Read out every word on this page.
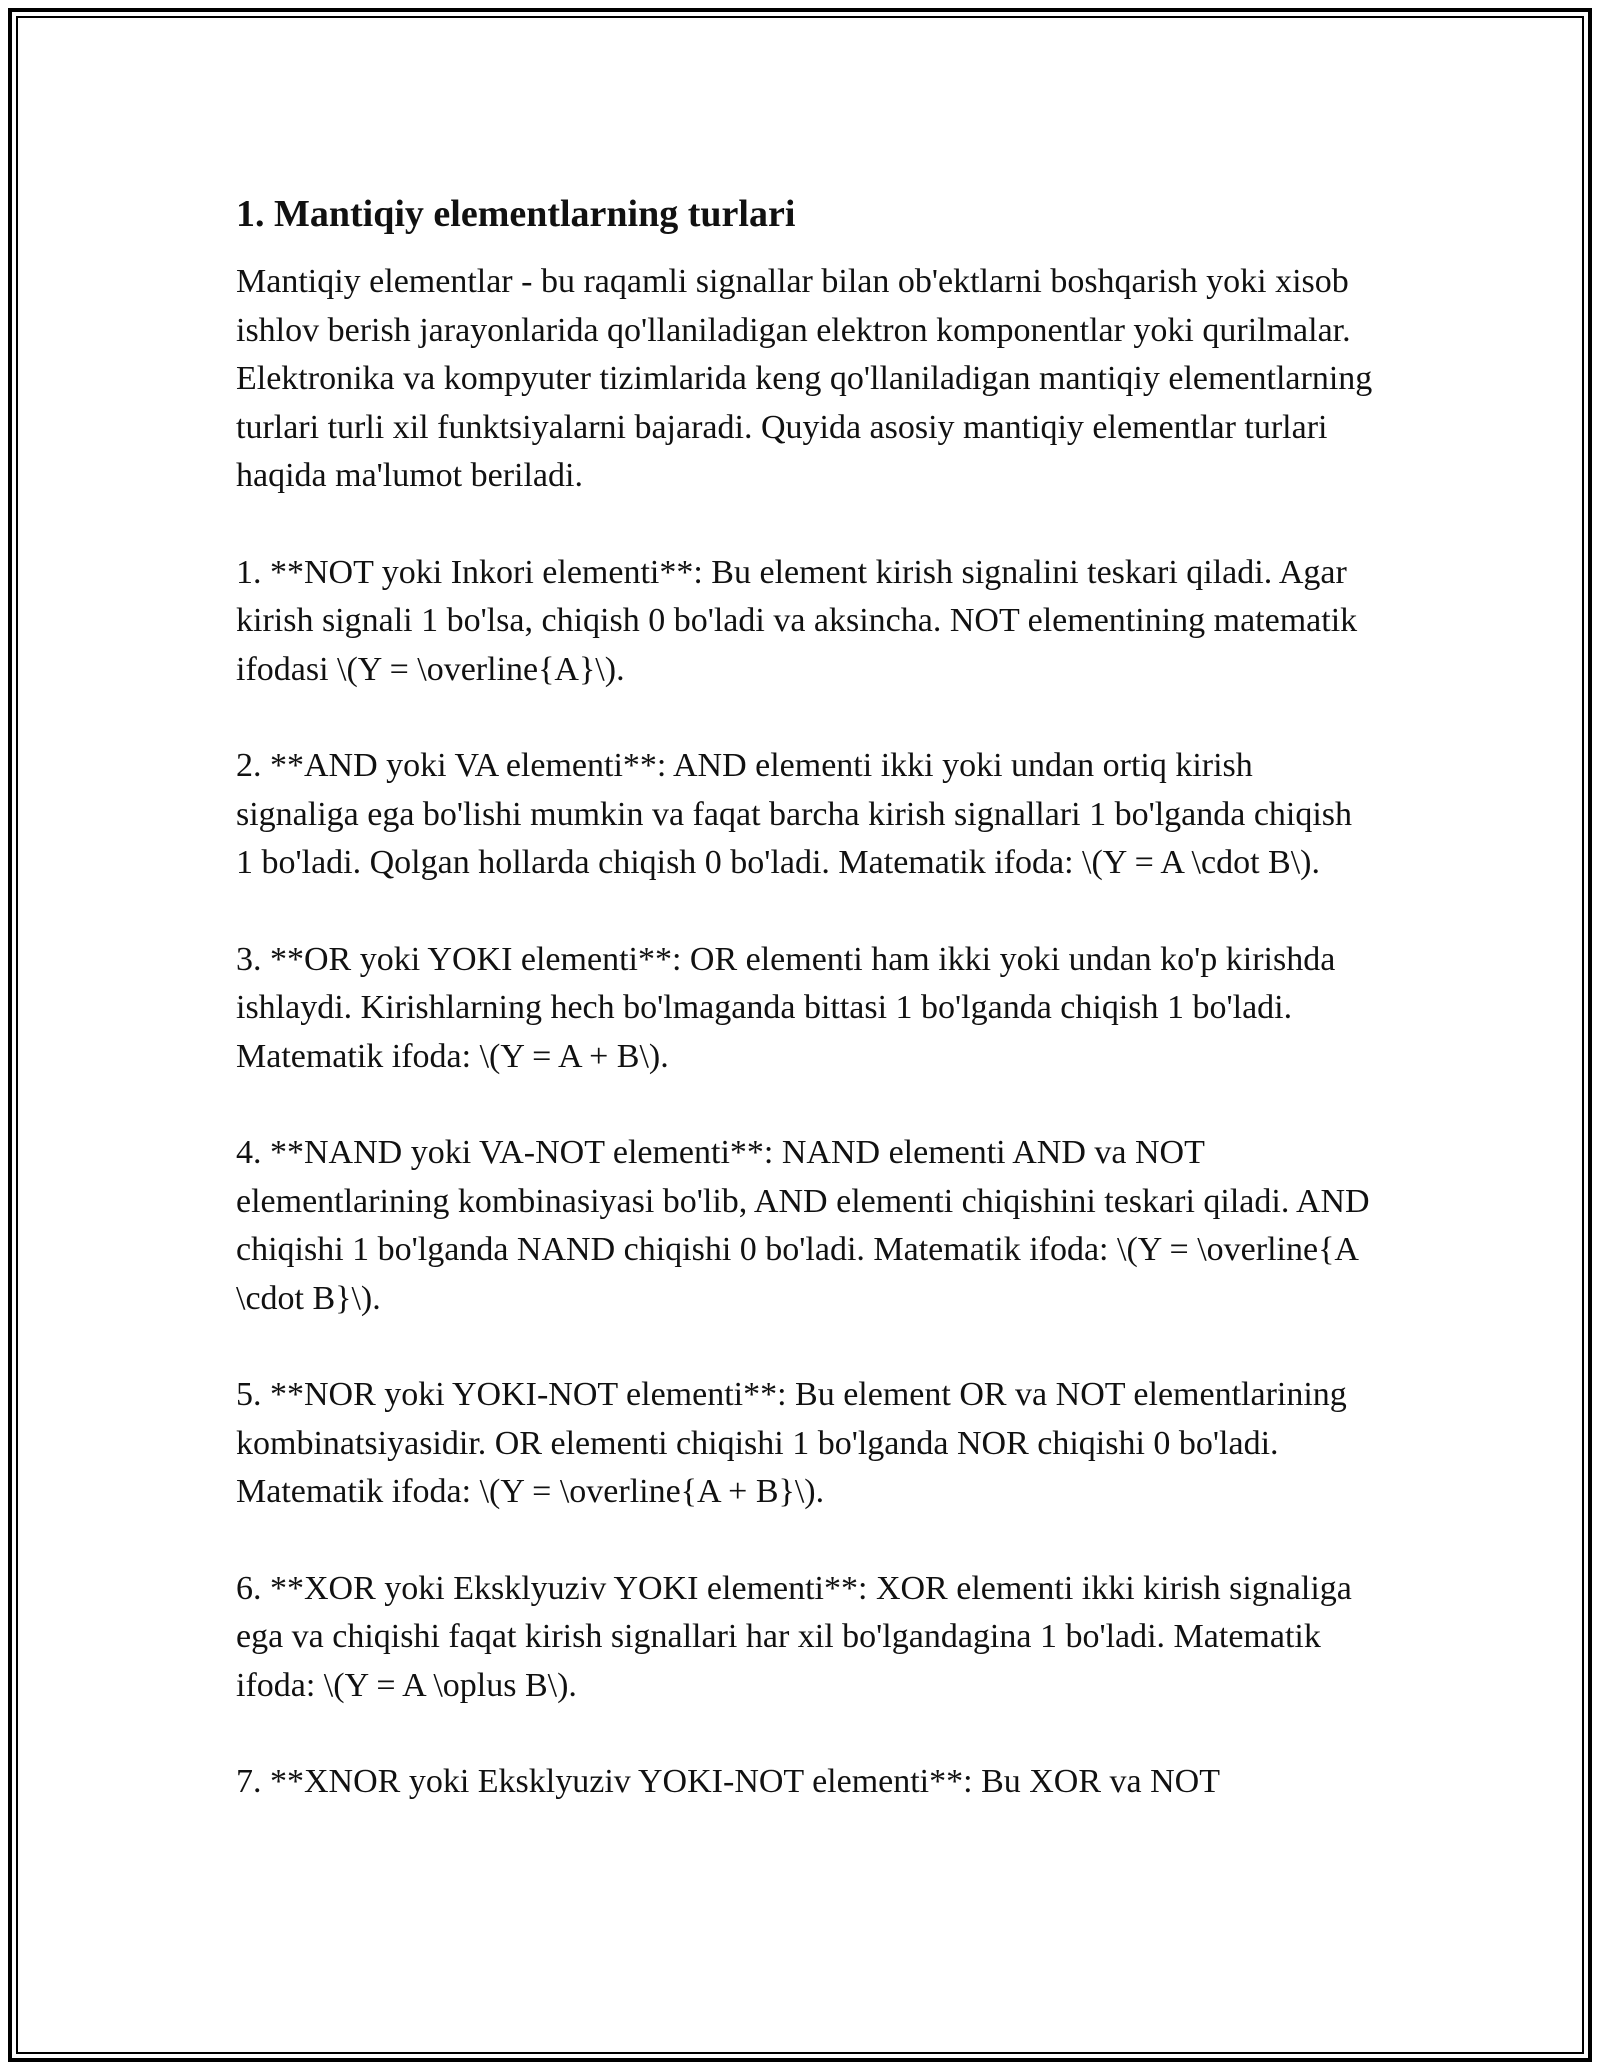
1. Mantiqiy elementlarning turlari

Mantiqiy elementlar - bu raqamli signallar bilan ob'ektlarni boshqarish yoki xisob ishlov berish jarayonlarida qo'llaniladigan elektron komponentlar yoki qurilmalar. Elektronika va kompyuter tizimlarida keng qo'llaniladigan mantiqiy elementlarning turlari turli xil funktsiyalarni bajaradi. Quyida asosiy mantiqiy elementlar turlari haqida ma'lumot beriladi.

1. **NOT yoki Inkori elementi**: Bu element kirish signalini teskari qiladi. Agar kirish signali 1 bo'lsa, chiqish 0 bo'ladi va aksincha. NOT elementining matematik ifodasi \(Y = \overline{A}\).

2. **AND yoki VA elementi**: AND elementi ikki yoki undan ortiq kirish signaliga ega bo'lishi mumkin va faqat barcha kirish signallari 1 bo'lganda chiqish 1 bo'ladi. Qolgan hollarda chiqish 0 bo'ladi. Matematik ifoda: \(Y = A \cdot B\).

3. **OR yoki YOKI elementi**: OR elementi ham ikki yoki undan ko'p kirishda ishlaydi. Kirishlarning hech bo'lmaganda bittasi 1 bo'lganda chiqish 1 bo'ladi. Matematik ifoda: \(Y = A + B\).

4. **NAND yoki VA-NOT elementi**: NAND elementi AND va NOT elementlarining kombinasiyasi bo'lib, AND elementi chiqishini teskari qiladi. AND chiqishi 1 bo'lganda NAND chiqishi 0 bo'ladi. Matematik ifoda: \(Y = \overline{A \cdot B}\).

5. **NOR yoki YOKI-NOT elementi**: Bu element OR va NOT elementlarining kombinatsiyasidir. OR elementi chiqishi 1 bo'lganda NOR chiqishi 0 bo'ladi. Matematik ifoda: \(Y = \overline{A + B}\).

6. **XOR yoki Eksklyuziv YOKI elementi**: XOR elementi ikki kirish signaliga ega va chiqishi faqat kirish signallari har xil bo'lgandagina 1 bo'ladi. Matematik ifoda: \(Y = A \oplus B\).

7. **XNOR yoki Eksklyuziv YOKI-NOT elementi**: Bu XOR va NOT
